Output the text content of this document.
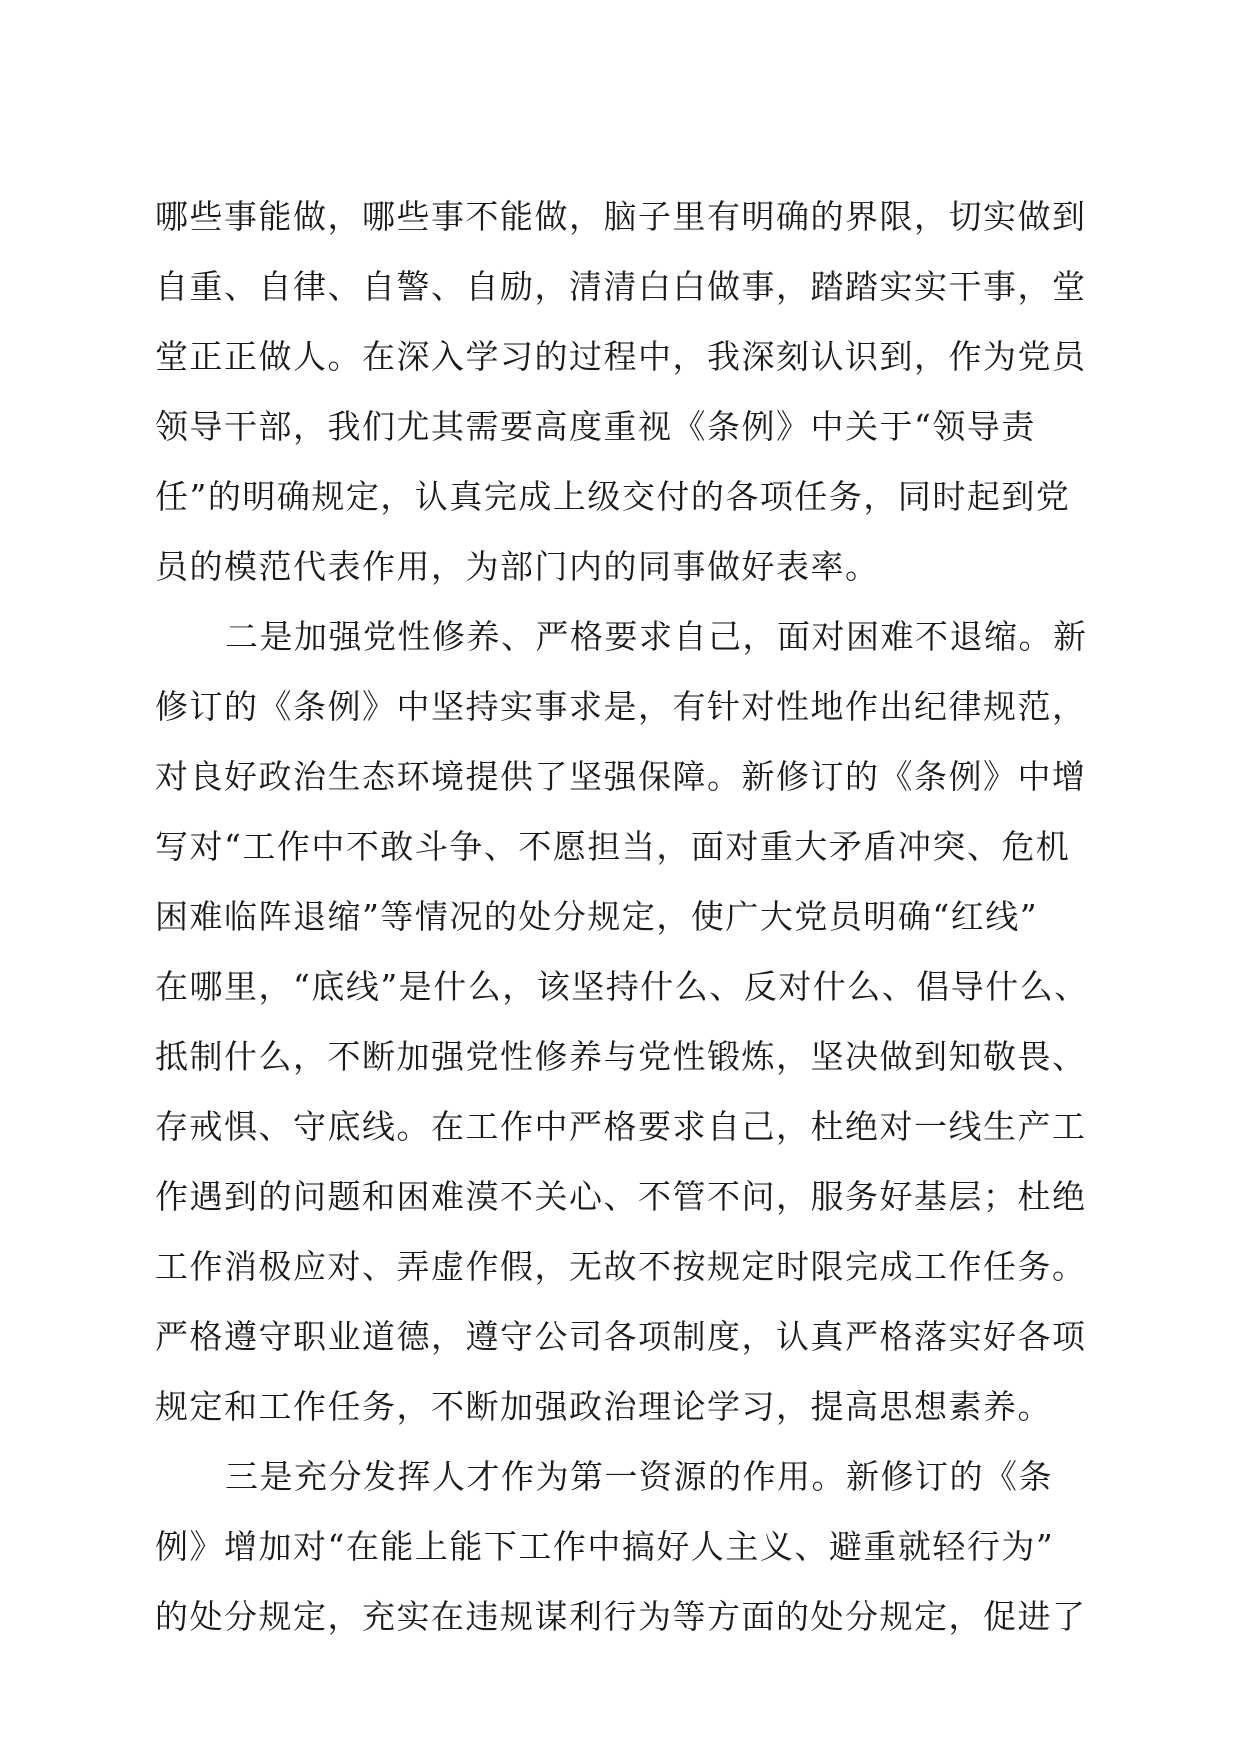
哪些事能做，哪些事不能做，脑子里有明确的界限，切实做到
自重、自律、自警、自励，清清白白做事，踏踏实实干事，堂
堂正正做人。在深入学习的过程中，我深刻认识到，作为党员
领导干部，我们尤其需要高度重视《条例》中关于“领导责
任”的明确规定，认真完成上级交付的各项任务，同时起到党
员的模范代表作用，为部门内的同事做好表率。
二是加强党性修养、严格要求自己，面对困难不退缩。新
修订的《条例》中坚持实事求是，有针对性地作出纪律规范，
对良好政治生态环境提供了坚强保障。新修订的《条例》中增
写对“工作中不敢斗争、不愿担当，面对重大矛盾冲突、危机
困难临阵退缩”等情况的处分规定，使广大党员明确“红线”
在哪里，“底线”是什么，该坚持什么、反对什么、倡导什么、
抵制什么，不断加强党性修养与党性锻炼，坚决做到知敬畏、
存戒惧、守底线。在工作中严格要求自己，杜绝对一线生产工
作遇到的问题和困难漠不关心、不管不问，服务好基层；杜绝
工作消极应对、弄虚作假，无故不按规定时限完成工作任务。
严格遵守职业道德，遵守公司各项制度，认真严格落实好各项
规定和工作任务，不断加强政治理论学习，提高思想素养。
三是充分发挥人才作为第一资源的作用。新修订的《条
例》增加对“在能上能下工作中搞好人主义、避重就轻行为”
的处分规定，充实在违规谋利行为等方面的处分规定，促进了
